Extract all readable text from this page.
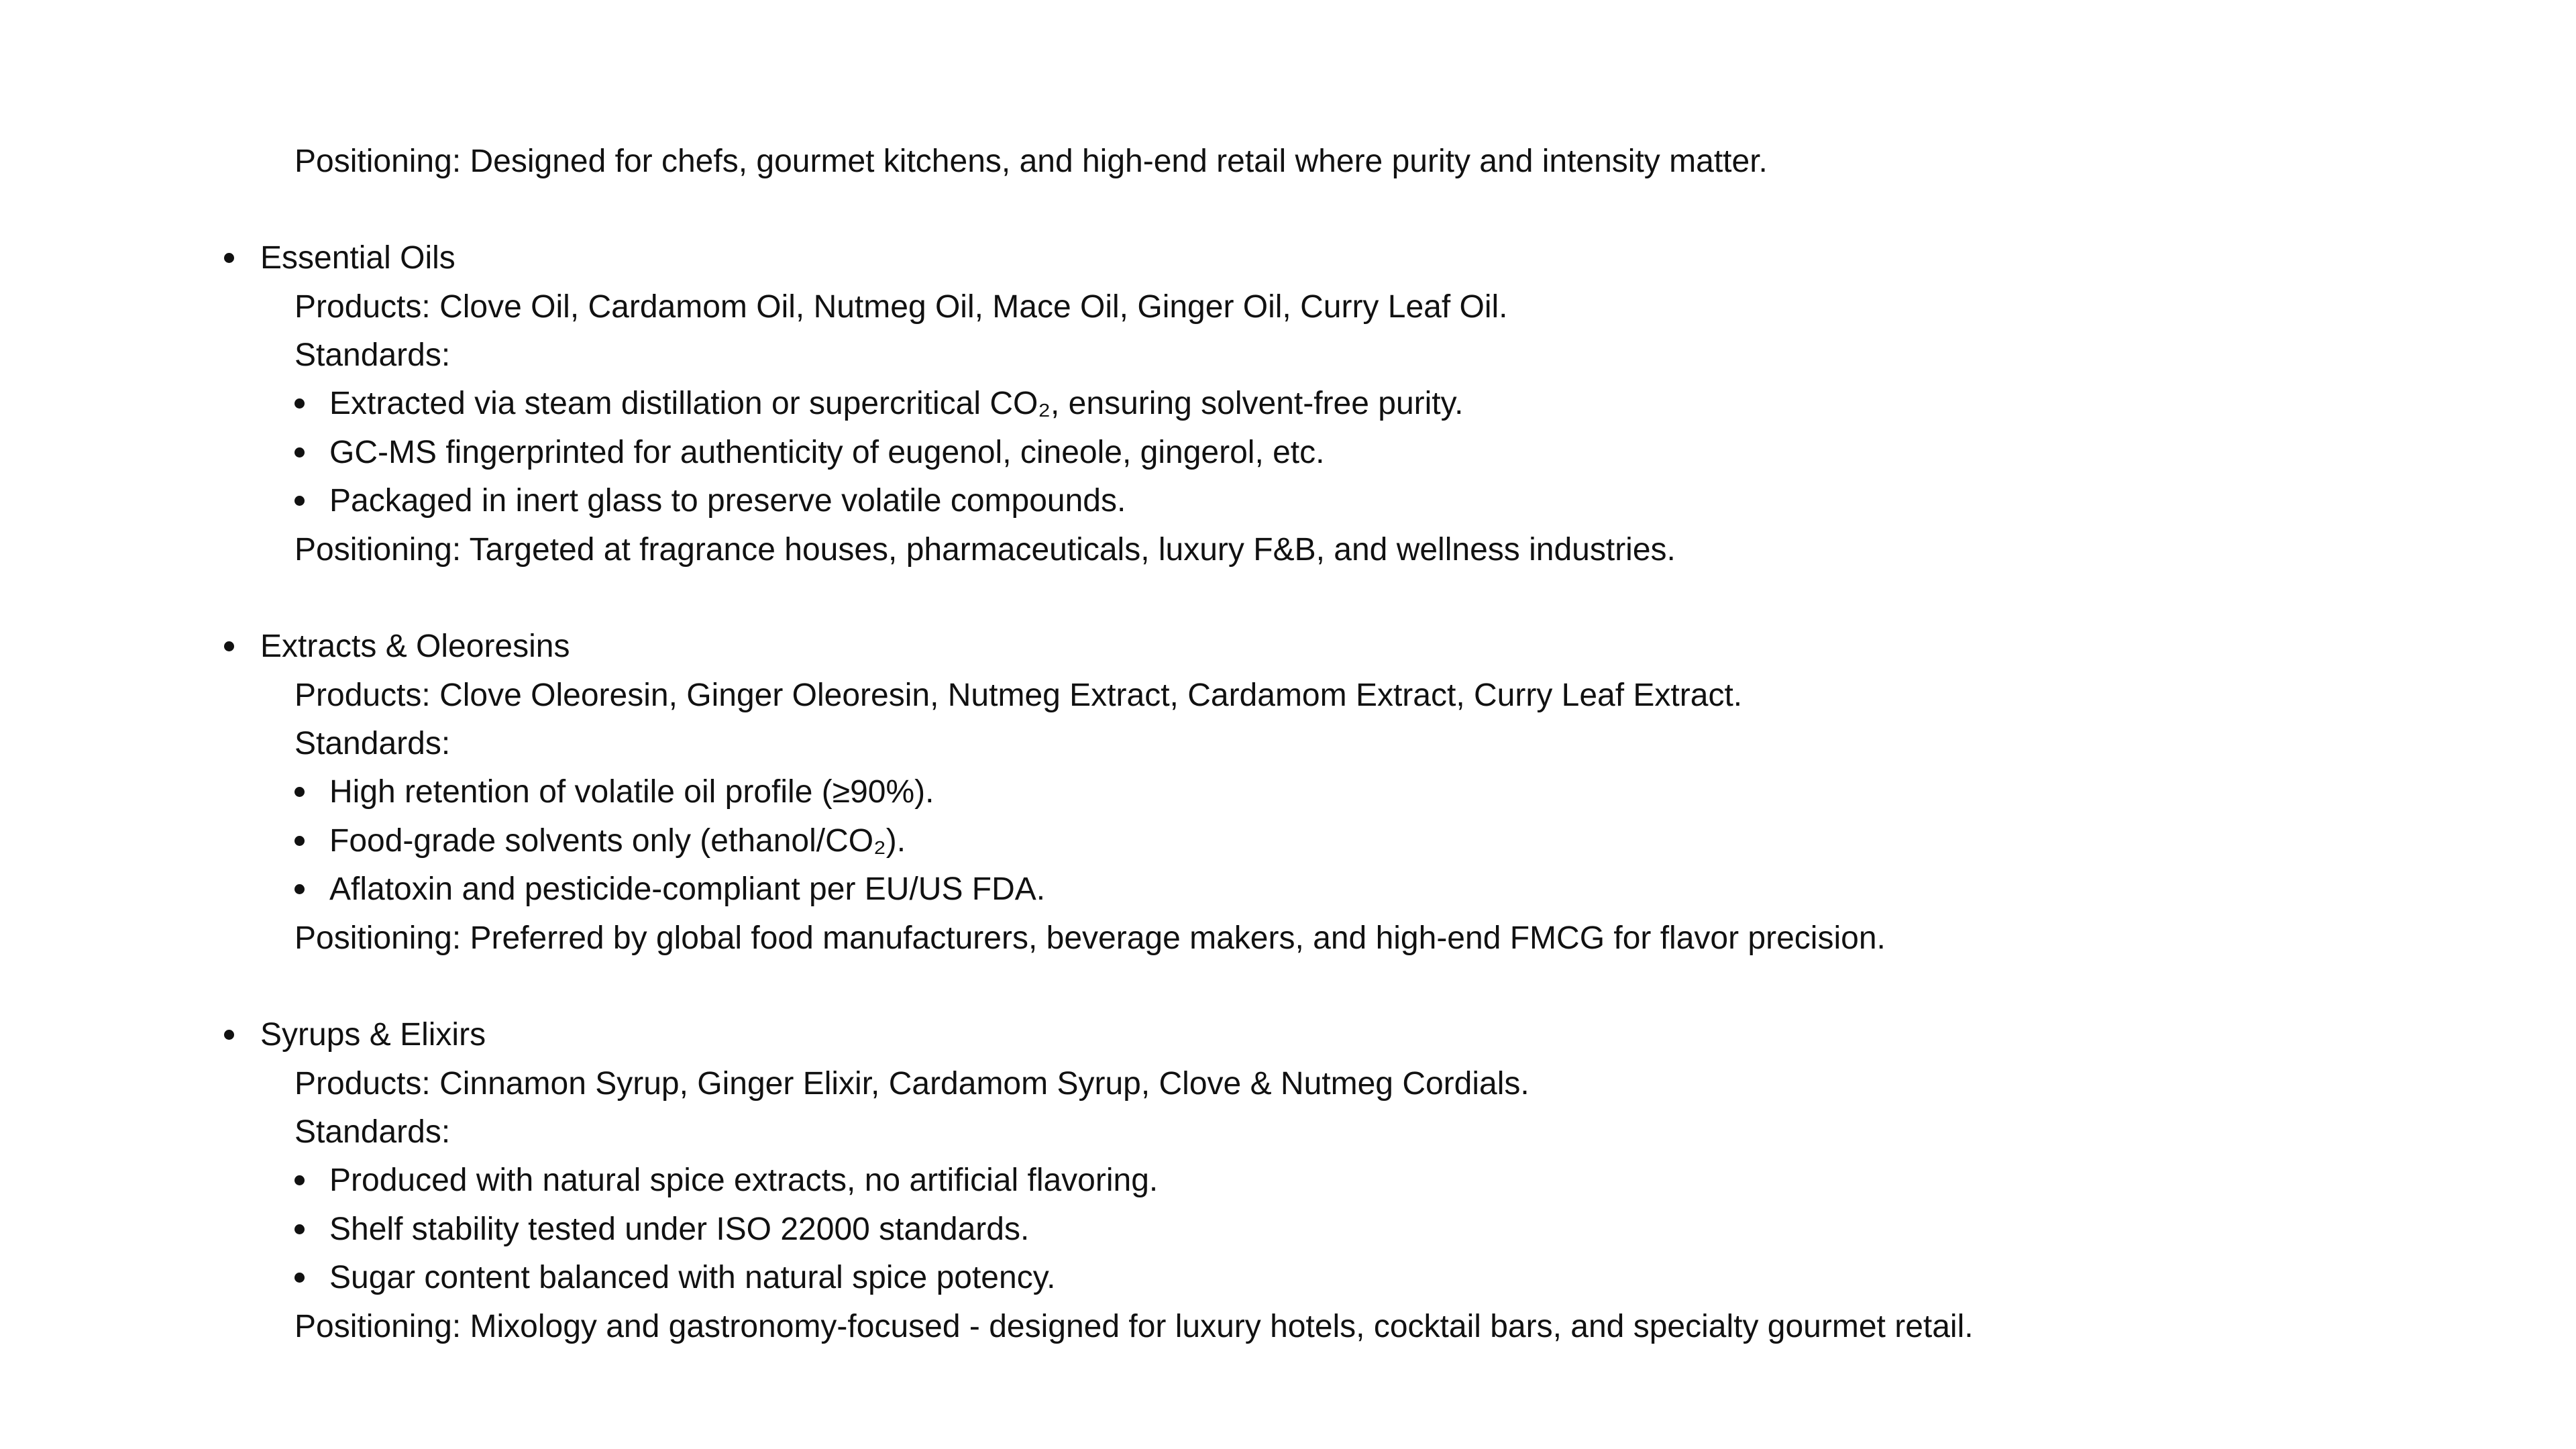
Positioning: Designed for chefs, gourmet kitchens, and high-end retail where purity and intensity matter.
Essential Oils
Products: Clove Oil, Cardamom Oil, Nutmeg Oil, Mace Oil, Ginger Oil, Curry Leaf Oil.
Standards:
Extracted via steam distillation or supercritical CO₂, ensuring solvent-free purity.
GC-MS fingerprinted for authenticity of eugenol, cineole, gingerol, etc.
Packaged in inert glass to preserve volatile compounds.
Positioning: Targeted at fragrance houses, pharmaceuticals, luxury F&B, and wellness industries.
Extracts & Oleoresins
Products: Clove Oleoresin, Ginger Oleoresin, Nutmeg Extract, Cardamom Extract, Curry Leaf Extract.
Standards:
High retention of volatile oil profile (≥90%).
Food-grade solvents only (ethanol/CO₂).
Aflatoxin and pesticide-compliant per EU/US FDA.
Positioning: Preferred by global food manufacturers, beverage makers, and high-end FMCG for flavor precision.
Syrups & Elixirs
Products: Cinnamon Syrup, Ginger Elixir, Cardamom Syrup, Clove & Nutmeg Cordials.
Standards:
Produced with natural spice extracts, no artificial flavoring.
Shelf stability tested under ISO 22000 standards.
Sugar content balanced with natural spice potency.
Positioning: Mixology and gastronomy-focused - designed for luxury hotels, cocktail bars, and specialty gourmet retail.
